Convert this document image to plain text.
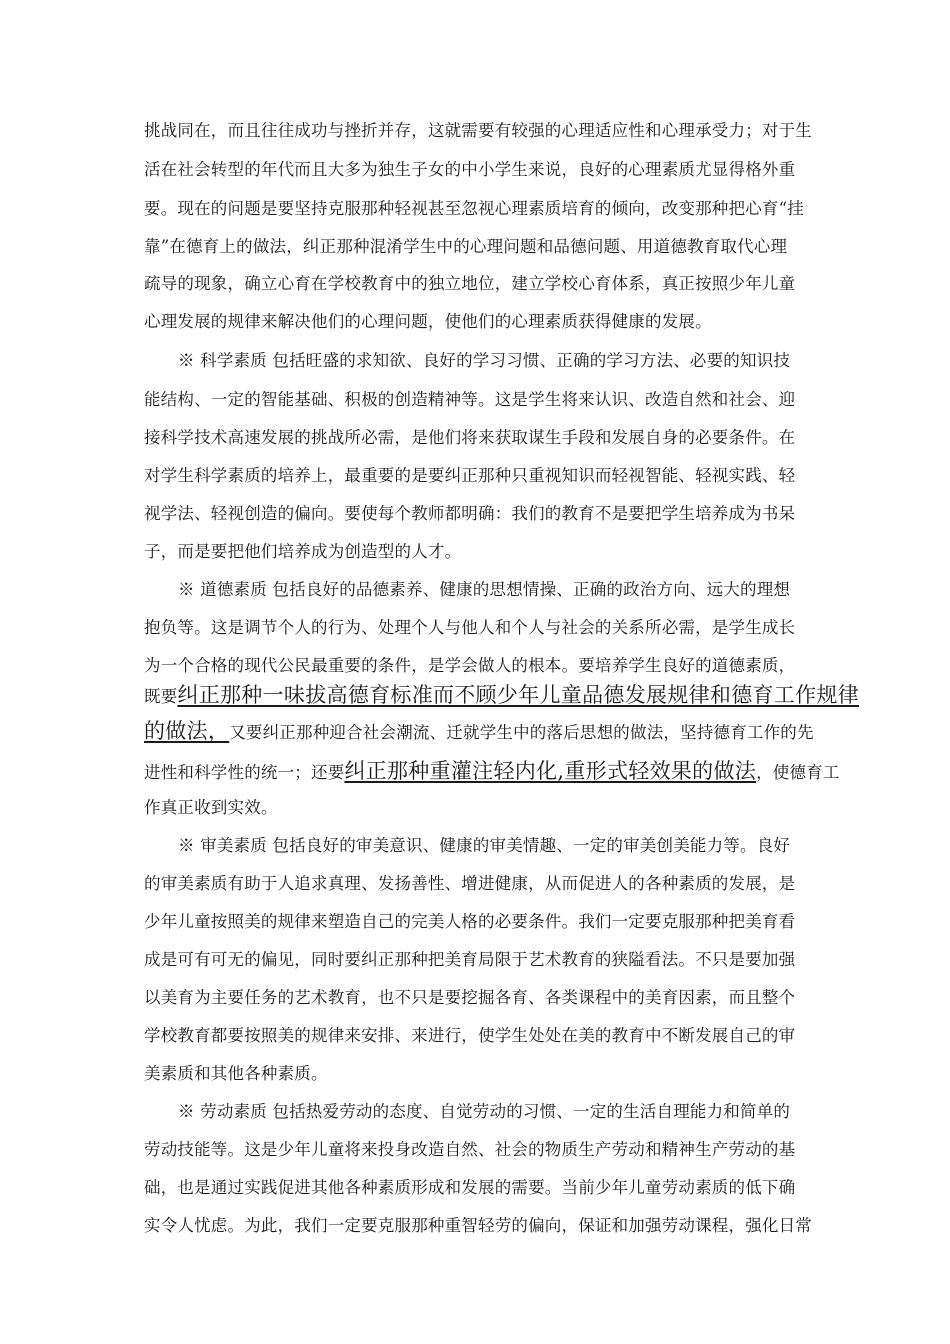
挑战同在，而且往往成功与挫折并存，这就需要有较强的心理适应性和心理承受力；对于生
活在社会转型的年代而且大多为独生子女的中小学生来说，良好的心理素质尤显得格外重
要。现在的问题是要坚持克服那种轻视甚至忽视心理素质培育的倾向，改变那种把心育“挂
靠”在德育上的做法，纠正那种混淆学生中的心理问题和品德问题、用道德教育取代心理
疏导的现象，确立心育在学校教育中的独立地位，建立学校心育体系，真正按照少年儿童
心理发展的规律来解决他们的心理问题，使他们的心理素质获得健康的发展。
※ 科学素质 包括旺盛的求知欲、良好的学习习惯、正确的学习方法、必要的知识技
能结构、一定的智能基础、积极的创造精神等。这是学生将来认识、改造自然和社会、迎
接科学技术高速发展的挑战所必需，是他们将来获取谋生手段和发展自身的必要条件。在
对学生科学素质的培养上，最重要的是要纠正那种只重视知识而轻视智能、轻视实践、轻
视学法、轻视创造的偏向。要使每个教师都明确：我们的教育不是要把学生培养成为书呆
子，而是要把他们培养成为创造型的人才。
※ 道德素质 包括良好的品德素养、健康的思想情操、正确的政治方向、远大的理想
抱负等。这是调节个人的行为、处理个人与他人和个人与社会的关系所必需，是学生成长
为一个合格的现代公民最重要的条件，是学会做人的根本。要培养学生良好的道德素质，
既要纠正那种一味拔高德育标准而不顾少年儿童品德发展规律和德育工作规律
的做法，又要纠正那种迎合社会潮流、迁就学生中的落后思想的做法，坚持德育工作的先
进性和科学性的统一；还要纠正那种重灌注轻内化,重形式轻效果的做法，使德育工
作真正收到实效。
※ 审美素质 包括良好的审美意识、健康的审美情趣、一定的审美创美能力等。良好
的审美素质有助于人追求真理、发扬善性、增进健康，从而促进人的各种素质的发展，是
少年儿童按照美的规律来塑造自己的完美人格的必要条件。我们一定要克服那种把美育看
成是可有可无的偏见，同时要纠正那种把美育局限于艺术教育的狭隘看法。不只是要加强
以美育为主要任务的艺术教育，也不只是要挖掘各育、各类课程中的美育因素，而且整个
学校教育都要按照美的规律来安排、来进行，使学生处处在美的教育中不断发展自己的审
美素质和其他各种素质。
※ 劳动素质 包括热爱劳动的态度、自觉劳动的习惯、一定的生活自理能力和简单的
劳动技能等。这是少年儿童将来投身改造自然、社会的物质生产劳动和精神生产劳动的基
础，也是通过实践促进其他各种素质形成和发展的需要。当前少年儿童劳动素质的低下确
实令人忧虑。为此，我们一定要克服那种重智轻劳的偏向，保证和加强劳动课程，强化日常
